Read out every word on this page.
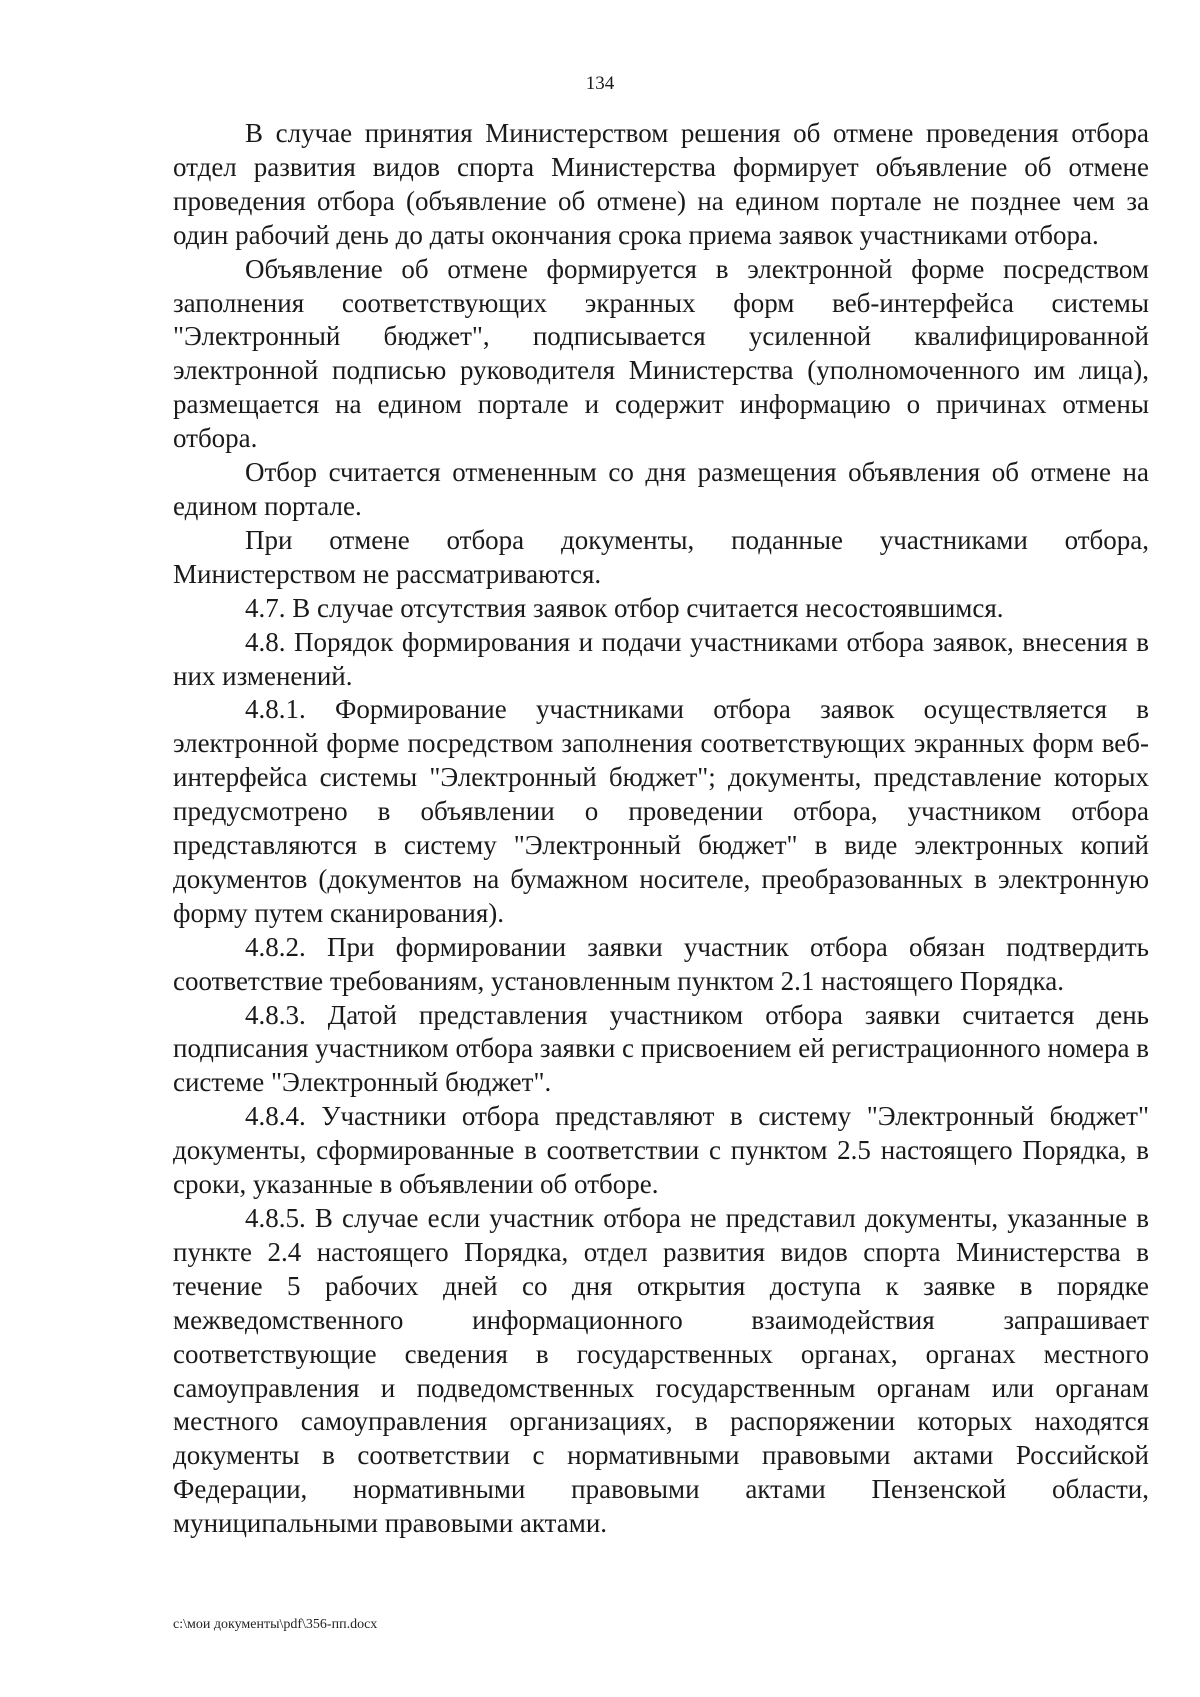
134

В случае принятия Министерством решения об отмене проведения отбора отдел развития видов спорта Министерства формирует объявление об отмене проведения отбора (объявление об отмене) на едином портале не позднее чем за один рабочий день до даты окончания срока приема заявок участниками отбора.

Объявление об отмене формируется в электронной форме посредством заполнения соответствующих экранных форм веб-интерфейса системы "Электронный бюджет", подписывается усиленной квалифицированной электронной подписью руководителя Министерства (уполномоченного им лица), размещается на едином портале и содержит информацию о причинах отмены отбора.

Отбор считается отмененным со дня размещения объявления об отмене на едином портале.

При отмене отбора документы, поданные участниками отбора, Министерством не рассматриваются.

4.7. В случае отсутствия заявок отбор считается несостоявшимся.

4.8. Порядок формирования и подачи участниками отбора заявок, внесения в них изменений.

4.8.1. Формирование участниками отбора заявок осуществляется в электронной форме посредством заполнения соответствующих экранных форм веб-интерфейса системы "Электронный бюджет"; документы, представление которых предусмотрено в объявлении о проведении отбора, участником отбора представляются в систему "Электронный бюджет" в виде электронных копий документов (документов на бумажном носителе, преобразованных в электронную форму путем сканирования).

4.8.2. При формировании заявки участник отбора обязан подтвердить соответствие требованиям, установленным пунктом 2.1 настоящего Порядка.

4.8.3. Датой представления участником отбора заявки считается день подписания участником отбора заявки с присвоением ей регистрационного номера в системе "Электронный бюджет".

4.8.4. Участники отбора представляют в систему "Электронный бюджет" документы, сформированные в соответствии с пунктом 2.5 настоящего Порядка, в сроки, указанные в объявлении об отборе.

4.8.5. В случае если участник отбора не представил документы, указанные в пункте 2.4 настоящего Порядка, отдел развития видов спорта Министерства в течение 5 рабочих дней со дня открытия доступа к заявке в порядке межведомственного информационного взаимодействия запрашивает соответствующие сведения в государственных органах, органах местного самоуправления и подведомственных государственным органам или органам местного самоуправления организациях, в распоряжении которых находятся документы в соответствии с нормативными правовыми актами Российской Федерации, нормативными правовыми актами Пензенской области, муниципальными правовыми актами.

c:\мои документы\pdf\356-пп.docx
